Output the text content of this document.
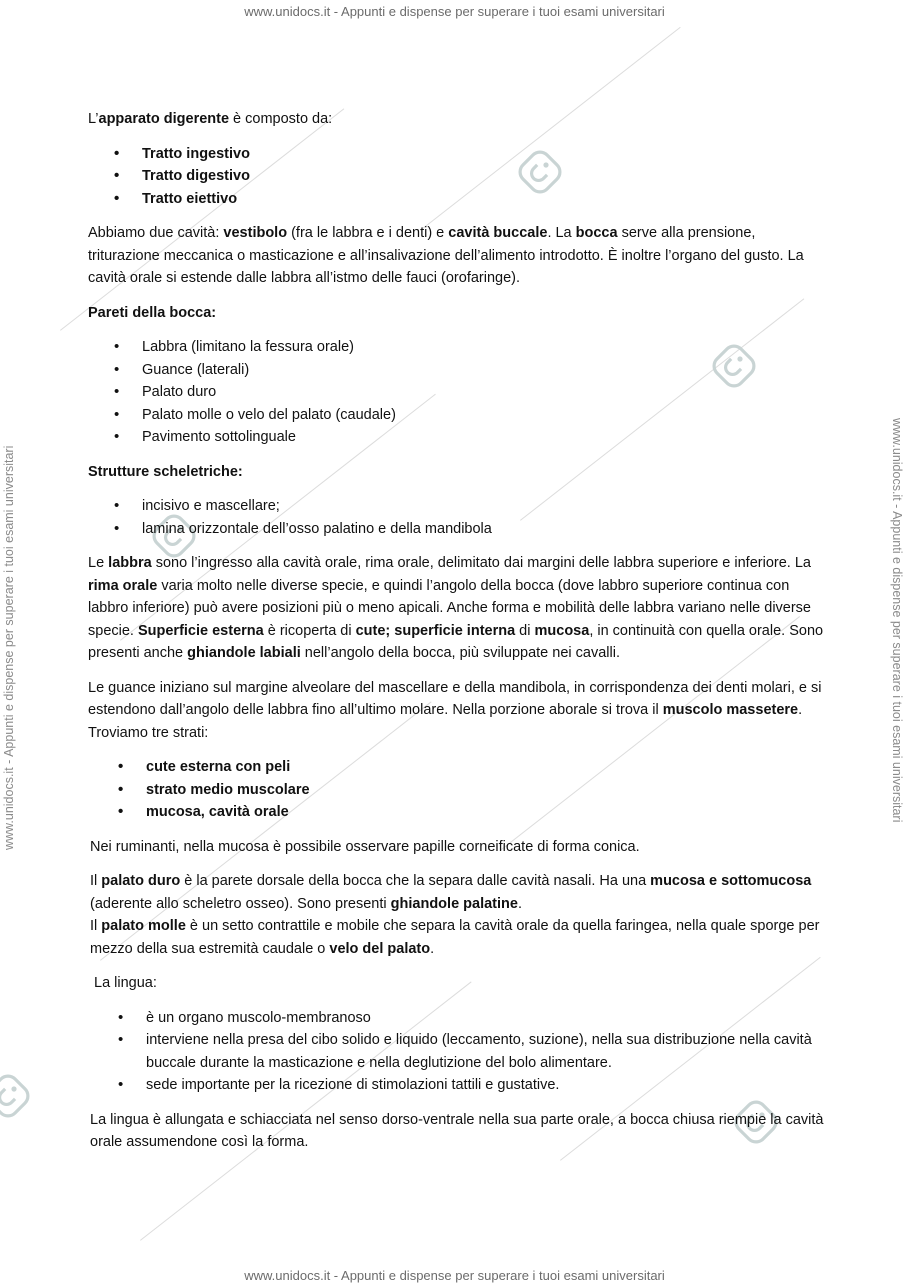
www.unidocs.it - Appunti e dispense per superare i tuoi esami universitari
www.unidocs.it - Appunti e dispense per superare i tuoi esami universitari
www.unidocs.it - Appunti e dispense per superare i tuoi esami universitari	www.unidocs.it - Appunti e dispense per superare i tuoi esami universitari

L’apparato digerente è composto da:

• Tratto ingestivo
• Tratto digestivo
• Tratto eiettivo

Abbiamo due cavità: vestibolo (fra le labbra e i denti) e cavità buccale. La bocca serve alla prensione, triturazione meccanica o masticazione e all’insalivazione dell’alimento introdotto. È inoltre l’organo del gusto. La cavità orale si estende dalle labbra all’istmo delle fauci (orofaringe).

Pareti della bocca:

• Labbra (limitano la fessura orale)
• Guance (laterali)
• Palato duro
• Palato molle o velo del palato (caudale)
• Pavimento sottolinguale

Strutture scheletriche:

• incisivo e mascellare;
• lamina orizzontale dell’osso palatino e della mandibola

Le labbra sono l’ingresso alla cavità orale, rima orale, delimitato dai margini delle labbra superiore e inferiore. La rima orale varia molto nelle diverse specie, e quindi l’angolo della bocca (dove labbro superiore continua con labbro inferiore) può avere posizioni più o meno apicali. Anche forma e mobilità delle labbra variano nelle diverse specie. Superficie esterna è ricoperta di cute; superficie interna di mucosa, in continuità con quella orale. Sono presenti anche ghiandole labiali nell’angolo della bocca, più sviluppate nei cavalli.

Le guance iniziano sul margine alveolare del mascellare e della mandibola, in corrispondenza dei denti molari, e si estendono dall’angolo delle labbra fino all’ultimo molare. Nella porzione aborale si trova il muscolo massetere. Troviamo tre strati:

• cute esterna con peli
• strato medio muscolare
• mucosa, cavità orale

Nei ruminanti, nella mucosa è possibile osservare papille corneificate di forma conica.

Il palato duro è la parete dorsale della bocca che la separa dalle cavità nasali. Ha una mucosa e sottomucosa (aderente allo scheletro osseo). Sono presenti ghiandole palatine.
Il palato molle è un setto contrattile e mobile che separa la cavità orale da quella faringea, nella quale sporge per mezzo della sua estremità caudale o velo del palato.

La lingua:

• è un organo muscolo-membranoso
• interviene nella presa del cibo solido e liquido (leccamento, suzione), nella sua distribuzione nella cavità buccale durante la masticazione e nella deglutizione del bolo alimentare.
• sede importante per la ricezione di stimolazioni tattili e gustative.

La lingua è allungata e schiacciata nel senso dorso-ventrale nella sua parte orale, a bocca chiusa riempie la cavità orale assumendone così la forma.
